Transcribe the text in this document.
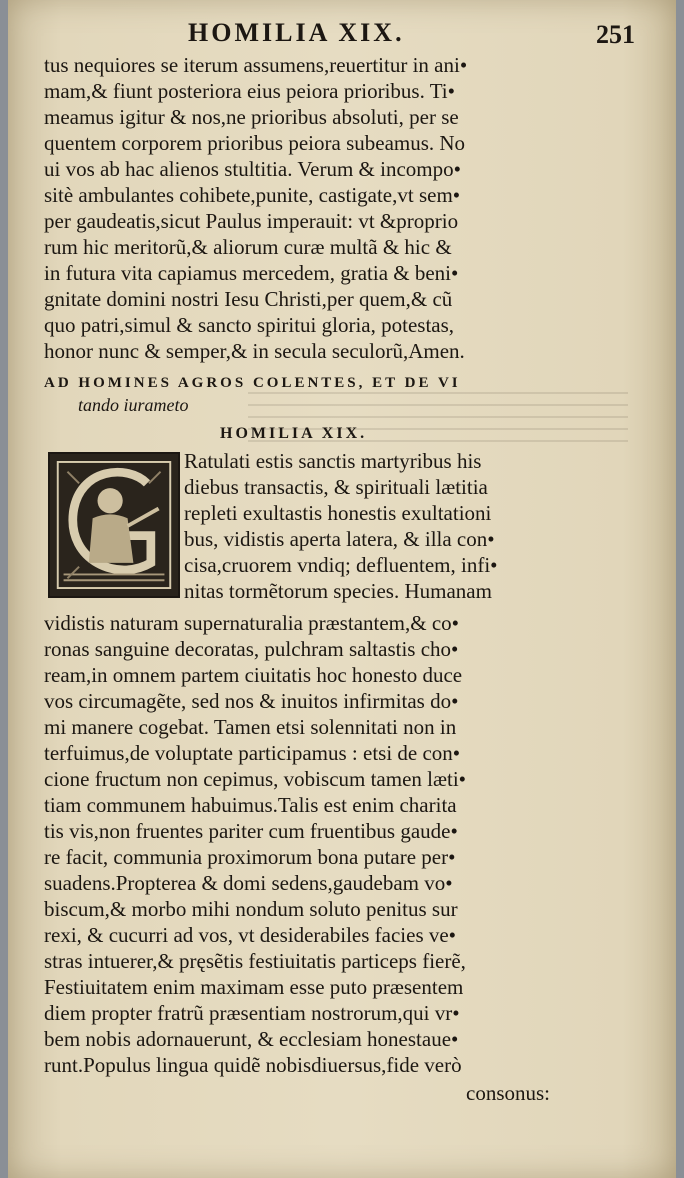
HOMILIA XIX.	251
tus nequiores se iterum assumens,reuertitur in ani•
mam,& fiunt posteriora eius peiora prioribus. Ti•
meamus igitur & nos,ne prioribus absoluti, per se
quentem corporem prioribus peiora subeamus. No
ui vos ab hac alienos stultitia. Verum & incompo•
sitè ambulantes cohibete,punite, castigate,vt sem•
per gaudeatis,sicut Paulus imperauit: vt &proprio
rum hic meritorũ,& aliorum curæ multã & hic &
in futura vita capiamus mercedem, gratia & beni•
gnitate domini nostri Iesu Christi,per quem,& cũ
quo patri,simul & sancto spiritui gloria, potestas,
honor nunc & semper,& in secula seculorũ,Amen.
AD HOMINES AGROS COLENTES, ET DE VI
tando iurameto
HOMILIA XIX.
Ratulati estis sanctis martyribus his
diebus transactis, & spirituali lætitia
repleti exultastis honestis exultationi
bus, vidistis aperta latera, & illa con•
cisa,cruorem vndiq; defluentem, infi•
nitas tormẽtorum species. Humanam
vidistis naturam supernaturalia præstantem,& co•
ronas sanguine decoratas, pulchram saltastis cho•
ream,in omnem partem ciuitatis hoc honesto duce
vos circumagẽte, sed nos & inuitos infirmitas do•
mi manere cogebat. Tamen etsi solennitati non in
terfuimus,de voluptate participamus : etsi de con•
cione fructum non cepimus, vobiscum tamen læti•
tiam communem habuimus.Talis est enim charita
tis vis,non fruentes pariter cum fruentibus gaude•
re facit, communia proximorum bona putare per•
suadens.Propterea & domi sedens,gaudebam vo•
biscum,& morbo mihi nondum soluto penitus sur
rexi, & cucurri ad vos, vt desiderabiles facies ve•
stras intuerer,& pręsẽtis festiuitatis particeps fierẽ,
Festiuitatem enim maximam esse puto præsentem
diem propter fratrũ præsentiam nostrorum,qui vr•
bem nobis adornauerunt, & ecclesiam honestaue•
runt.Populus lingua quidẽ nobisdiuersus,fide verò
consonus:
